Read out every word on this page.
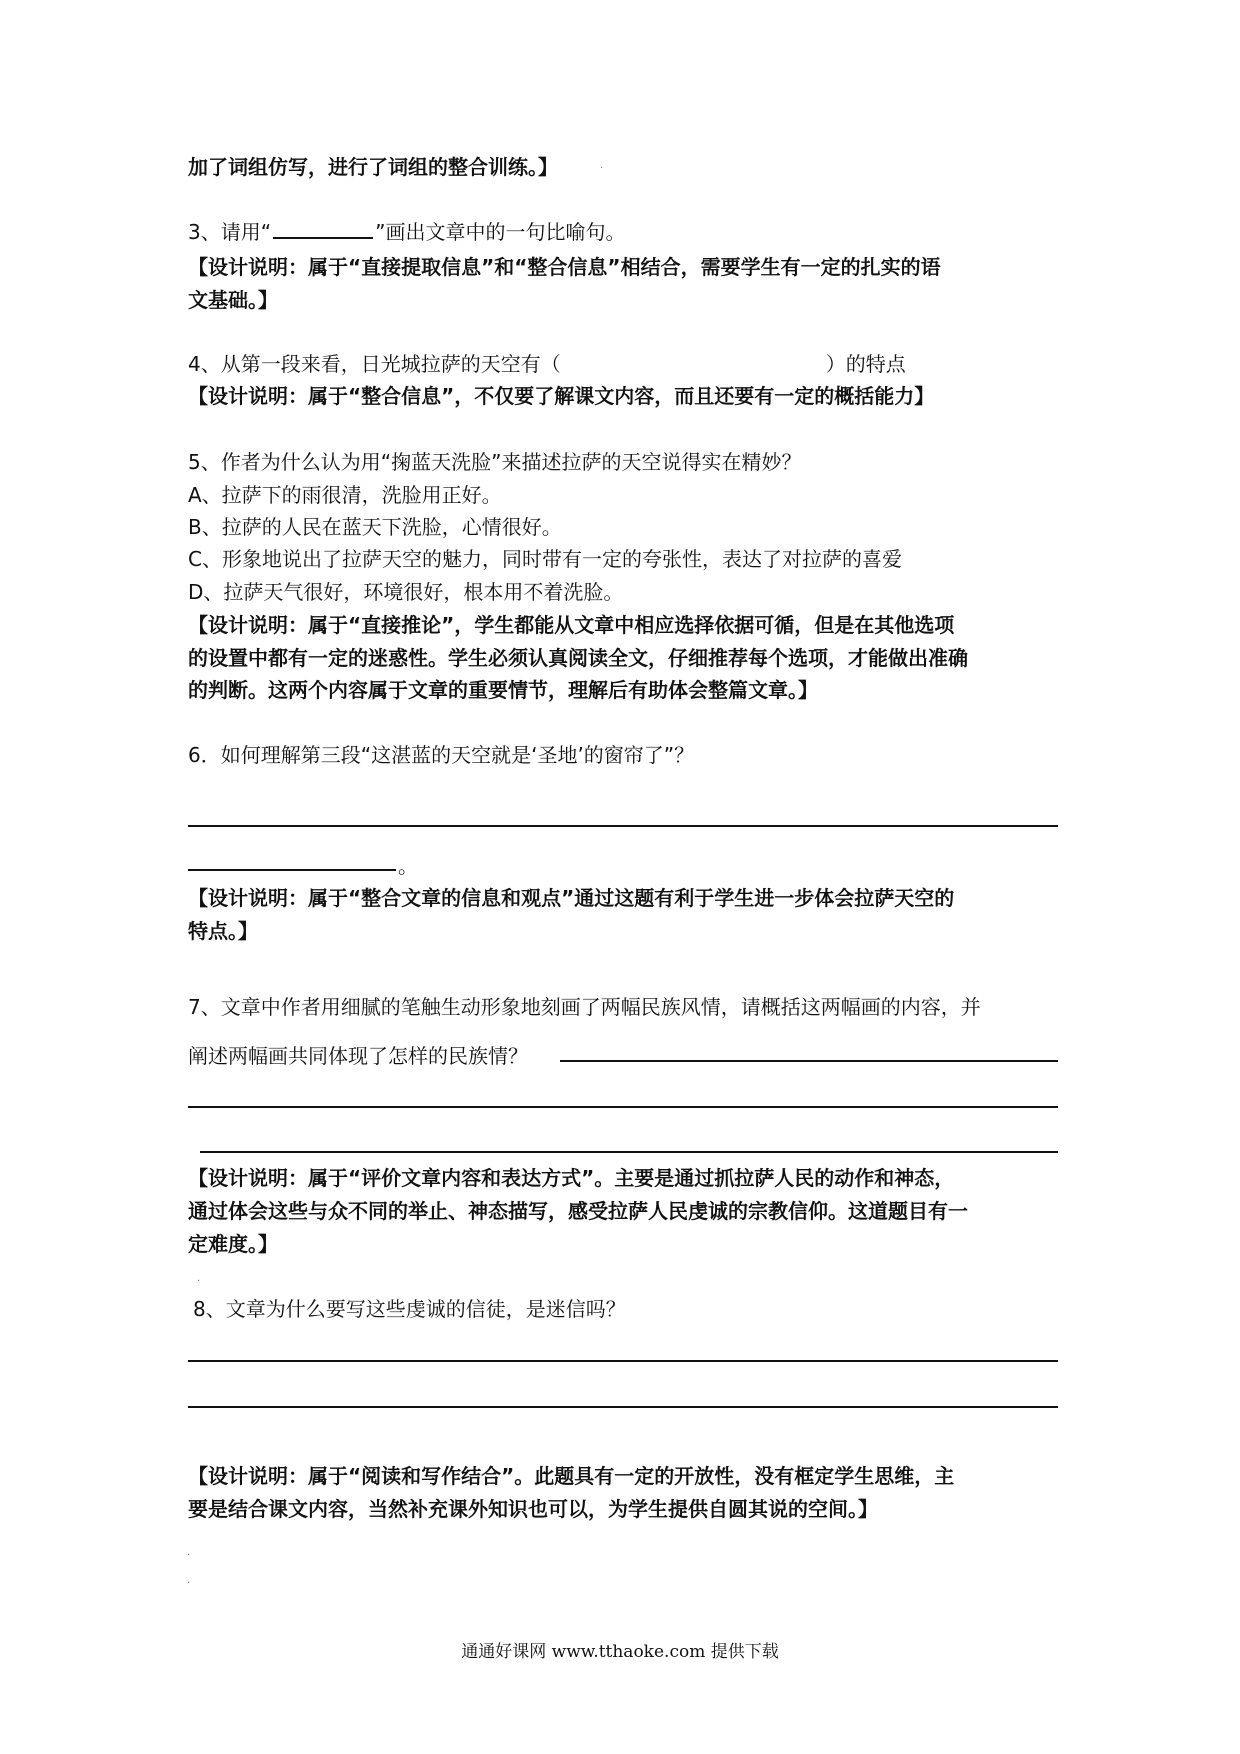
加了词组仿写，进行了词组的整合训练。】
3、请用“	”画出文章中的一句比喻句。
【设计说明：属于“直接提取信息”和“整合信息”相结合，需要学生有一定的扎实的语
文基础。】
4、从第一段来看，日光城拉萨的天空有（	）的特点
【设计说明：属于“整合信息”，不仅要了解课文内容，而且还要有一定的概括能力】
5、作者为什么认为用“掬蓝天洗脸”来描述拉萨的天空说得实在精妙？
A、拉萨下的雨很清，洗脸用正好。
B、拉萨的人民在蓝天下洗脸，心情很好。
C、形象地说出了拉萨天空的魅力，同时带有一定的夸张性，表达了对拉萨的喜爱
D、拉萨天气很好，环境很好，根本用不着洗脸。
【设计说明：属于“直接推论”，学生都能从文章中相应选择依据可循，但是在其他选项
的设置中都有一定的迷惑性。学生必须认真阅读全文，仔细推荐每个选项，才能做出准确
的判断。这两个内容属于文章的重要情节，理解后有助体会整篇文章。】
6．如何理解第三段“这湛蓝的天空就是‘圣地’的窗帘了”？
。
【设计说明：属于“整合文章的信息和观点”通过这题有利于学生进一步体会拉萨天空的
特点。】
7、文章中作者用细腻的笔触生动形象地刻画了两幅民族风情，请概括这两幅画的内容，并
阐述两幅画共同体现了怎样的民族情？
【设计说明：属于“评价文章内容和表达方式”。主要是通过抓拉萨人民的动作和神态，
通过体会这些与众不同的举止、神态描写，感受拉萨人民虔诚的宗教信仰。这道题目有一
定难度。】
8、文章为什么要写这些虔诚的信徒，是迷信吗？
【设计说明：属于“阅读和写作结合”。此题具有一定的开放性，没有框定学生思维，主
要是结合课文内容，当然补充课外知识也可以，为学生提供自圆其说的空间。】
.
.
.
.
通通好课网 www.tthaoke.com 提供下载
